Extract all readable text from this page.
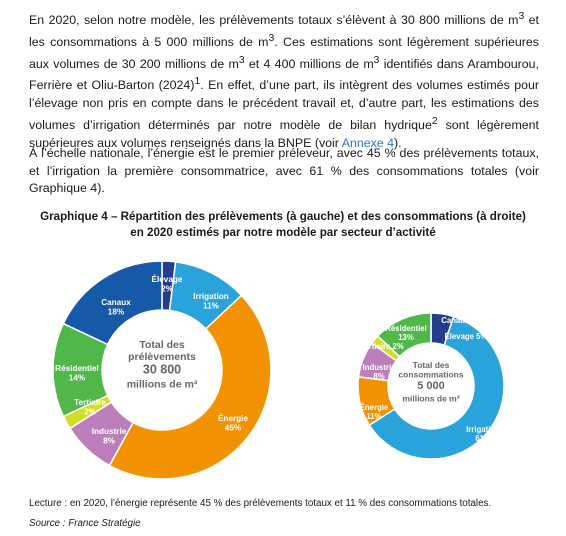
En 2020, selon notre modèle, les prélèvements totaux s’élèvent à 30 800 millions de $m^3$ et les consommations à 5 000 millions de $m^3$. Ces estimations sont légèrement supérieures aux volumes de 30 200 millions de $m^3$ et 4 400 millions de $m^3$ identifiés dans Arambourou, Ferrière et Oliu-Barton $(2024)^1$. En effet, d’une part, ils intègrent des volumes estimés pour l’élevage non pris en compte dans le précédent travail et, d’autre part, les estimations des volumes d’irrigation déterminés par notre modèle de bilan hydrique$^2$ sont légèrement supérieures aux volumes renseignés dans la BNPE (voir Annexe 4).

À l’échelle nationale, l’énergie est le premier préleveur, avec 45 % des prélèvements totaux, et l’irrigation la première consommatrice, avec 61 % des consommations totales (voir Graphique 4).

Graphique 4 – Répartition des prélèvements (à gauche) et des consommations (à droite)
en 2020 estimés par notre modèle par secteur d’activité
Élevage 2%
Irrigation 11%
Énergie 45%
Industrie 8%
Tertiaire 2%
Résidentiel 14%
Canaux 18%
Total des
prélèvements
30 800
millions de m³
Canaux 0%
Élevage 5%
Irrigation 61%
Énergie 11%
Industrie 8%
Tertiaire 2%
Résidentiel 13%
Total des
consommations
5 000
millions de m³
Lecture : en 2020, l’énergie représente 45 % des prélèvements totaux et 11 % des consommations totales.
Source : France Stratégie
